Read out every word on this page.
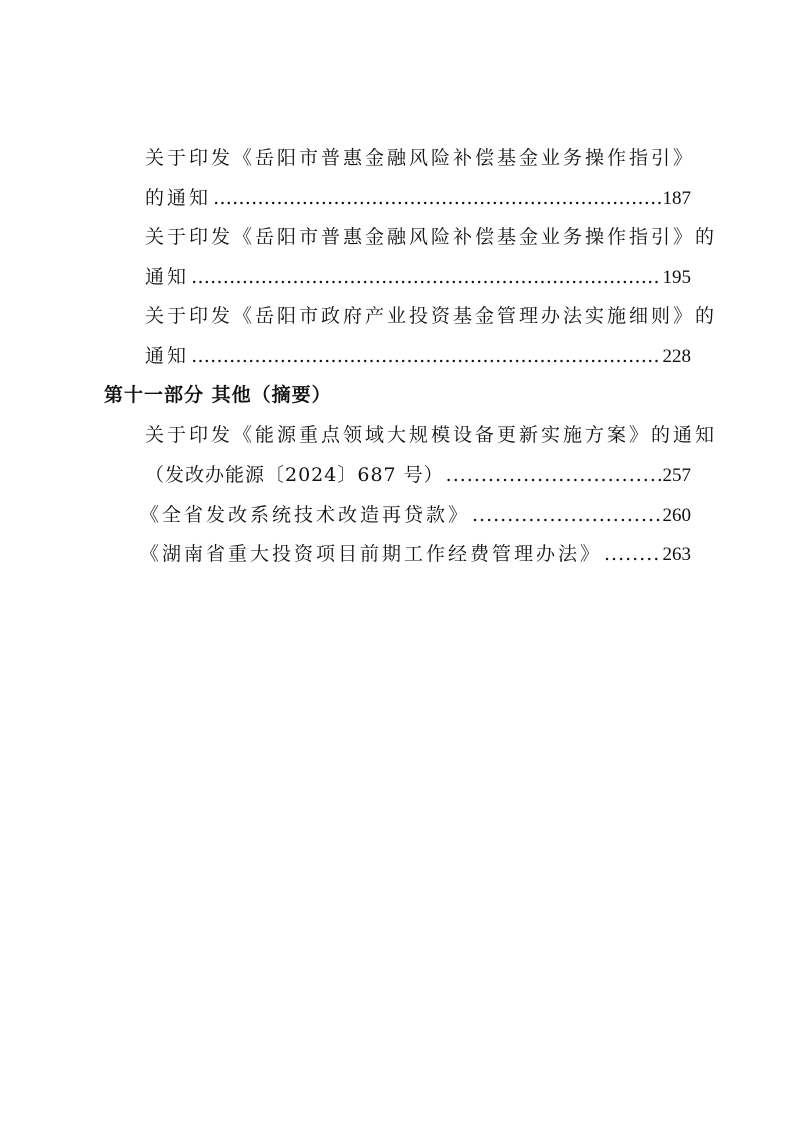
关于印发《岳阳市普惠金融风险补偿基金业务操作指引》
的通知 …………………………………………………………………………………………………………………………………………………………	187
关于印发《岳阳市普惠金融风险补偿基金业务操作指引》的
通知 …………………………………………………………………………………………………………………………………………………………	195
关于印发《岳阳市政府产业投资基金管理办法实施细则》的
通知 …………………………………………………………………………………………………………………………………………………………	228
第十一部分 其他（摘要）
关于印发《能源重点领域大规模设备更新实施方案》的通知
（发改办能源〔2024〕687 号） .....	257
《全省发改系统技术改造再贷款》 .....	260
《湖南省重大投资项目前期工作经费管理办法》 .....	263
